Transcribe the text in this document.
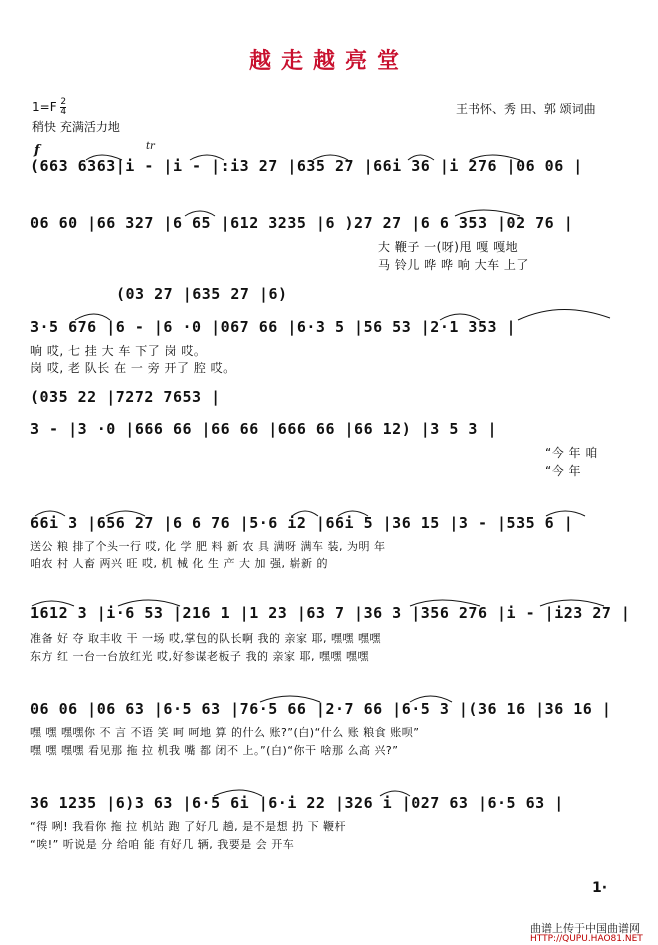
越走越亮堂
$1=F \frac{2}{4}$
稍快 充满活力地
王书怀、秀 田、郭 颂词曲
f	tr
(663 6363|i - |i - |:i3 27 |635 27 |66i 36 |i 276 |06 06 |
06 60 |66 327 |6 65 |612 3235 |6 )27 27 |6 6 353 |02 76 |
大 鞭子 一(呀)甩 嘎 嘎地
马 铃儿 哗 哗 响 大车 上了
(03 27 |635 27 |6)
3·5 676 |6 - |6 ·0 |067 66 |6·3 5 |56 53 |2·1 353 |
响 哎, 七 挂 大 车 下了 岗 哎。
岗 哎, 老 队长 在 一 旁 开了 腔 哎。
(035 22 |7272 7653 |
3 - |3 ·0 |666 66 |66 66 |666 66 |66 12) |3 5 3 |
“今 年 咱
“今 年
66i 3 |656 27 |6 6 76 |5·6 i2 |66i 5 |36 15 |3 - |535 6 |
送公 粮 排了个头一行 哎, 化 学 肥 料 新 农 具 满呀 满车 装, 为明 年
咱农 村 人畜 两兴 旺 哎, 机 械 化 生 产 大 加 强, 崭新 的
1612 3 |i·6 53 |216 1 |1 23 |63 7 |36 3 |356 276 |i - |i23 27 |
准备 好 夺 取丰收 干 一场 哎,掌包的队长啊 我的 亲家 耶, 嘿嘿 嘿嘿
东方 红 一台一台放红光 哎,好参谋老板子 我的 亲家 耶, 嘿嘿 嘿嘿
06 06 |06 63 |6·5 63 |76·5 66 |2·7 66 |6·5 3 |(36 16 |36 16 |
嘿 嘿 嘿嘿你 不 言 不语 笑 呵 呵地 算 的什么 账?”(白)“什么 账 粮食 账呗”
嘿 嘿 嘿嘿 看见那 拖 拉 机我 嘴 都 闭不 上。”(白)“你干 啥那 么高 兴?”
36 1235 |6)3 63 |6·5 6i |6·i 22 |326 i |027 63 |6·5 63 |
“得 咧! 我看你 拖 拉 机站 跑 了好几 趟, 是不是想 扔 下 鞭杆
“唉!” 听说是 分 给咱 能 有好几 辆, 我要是 会 开车
1·
曲谱上传于中国曲谱网
HTTP://QUPU.HAO81.NET
